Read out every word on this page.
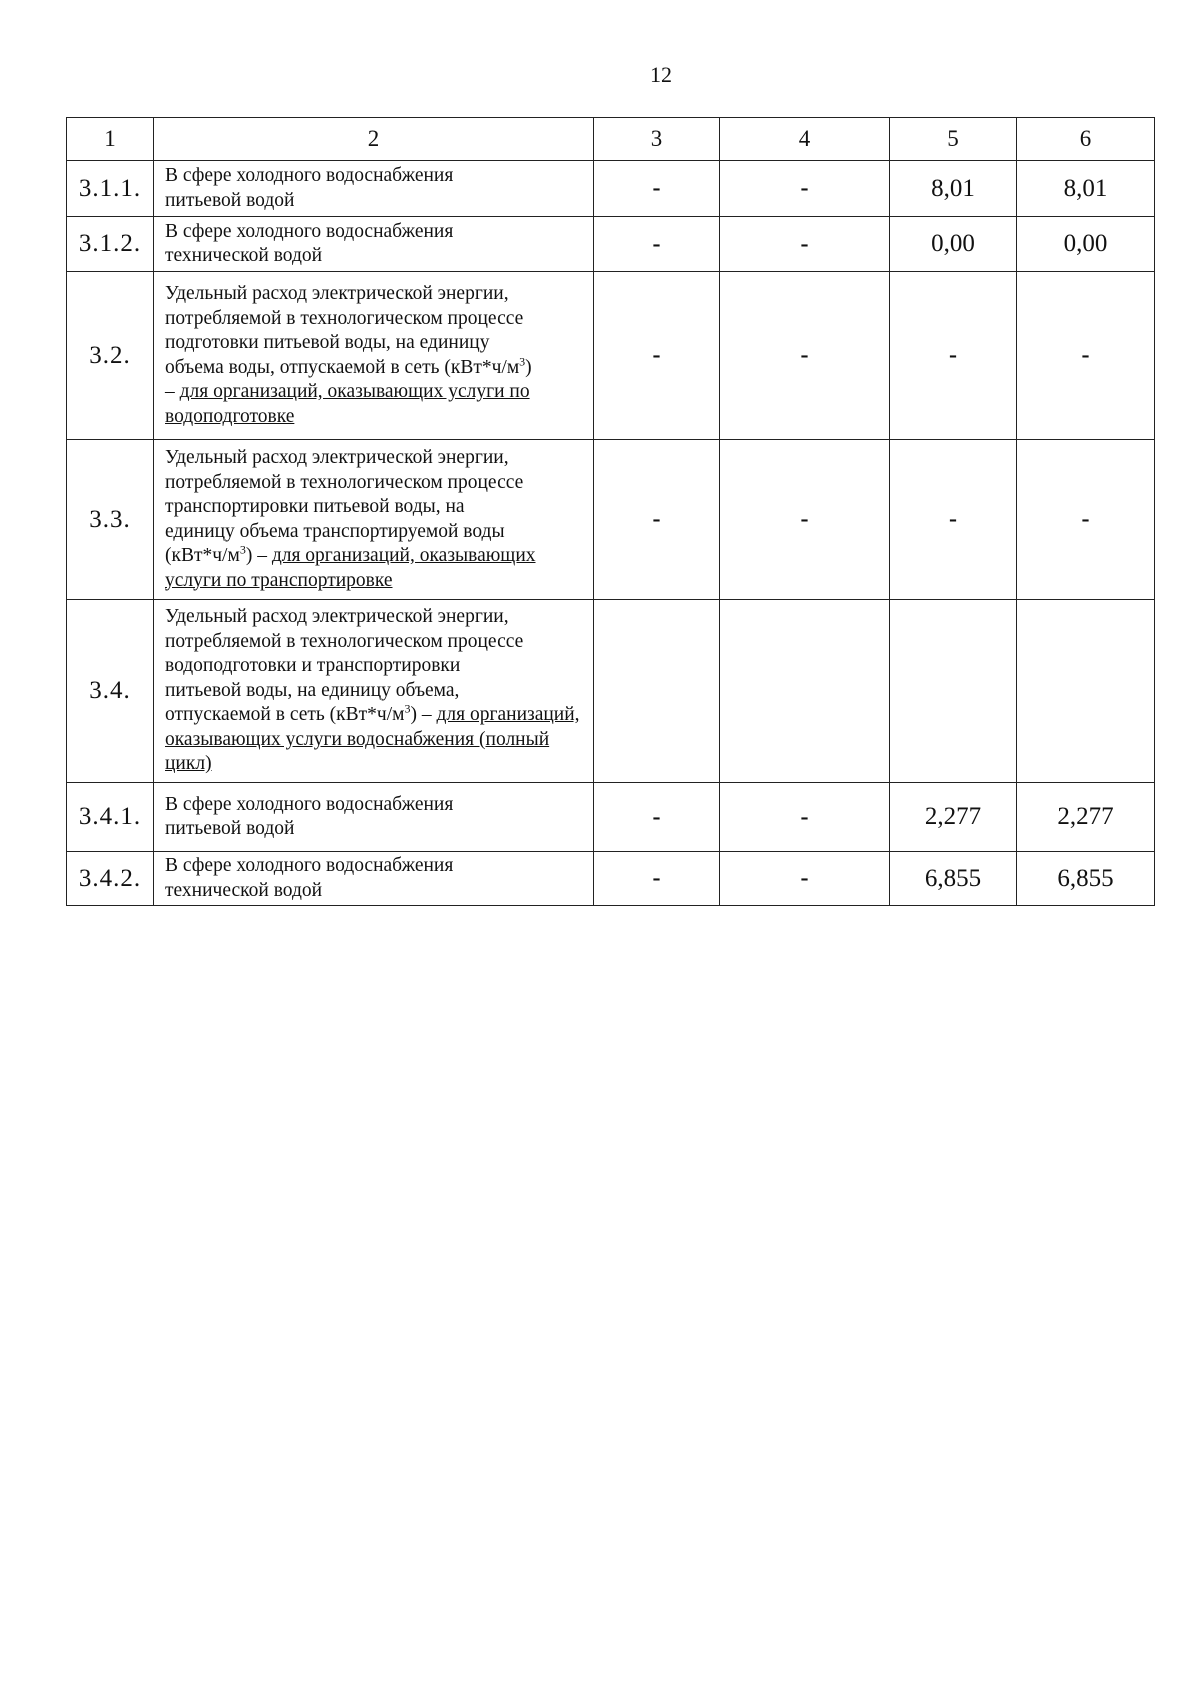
12
1	2	3	4	5	6
3.1.1.	В сфере холодного водоснабжения
питьевой водой	-	-	8,01	8,01
3.1.2.	В сфере холодного водоснабжения
технической водой	-	-	0,00	0,00
3.2.	Удельный расход электрической энергии,
потребляемой в технологическом процессе
подготовки питьевой воды, на единицу
объема воды, отпускаемой в сеть $(кВт*ч/м^3)$
– для организаций, оказывающих услуги по водоподготовке	-	-	-	-
3.3.	Удельный расход электрической энергии,
потребляемой в технологическом процессе
транспортировки питьевой воды, на
единицу объема транспортируемой воды
$(кВт*ч/м^3)$ – для организаций, оказывающих услуги по транспортировке	-	-	-	-
3.4.	Удельный расход электрической энергии,
потребляемой в технологическом процессе
водоподготовки и транспортировки
питьевой воды, на единицу объема,
отпускаемой в сеть $(кВт*ч/м^3)$ – для организаций, оказывающих услуги водоснабжения (полный цикл)				
3.4.1.	В сфере холодного водоснабжения
питьевой водой	-	-	2,277	2,277
3.4.2.	В сфере холодного водоснабжения
технической водой	-	-	6,855	6,855
